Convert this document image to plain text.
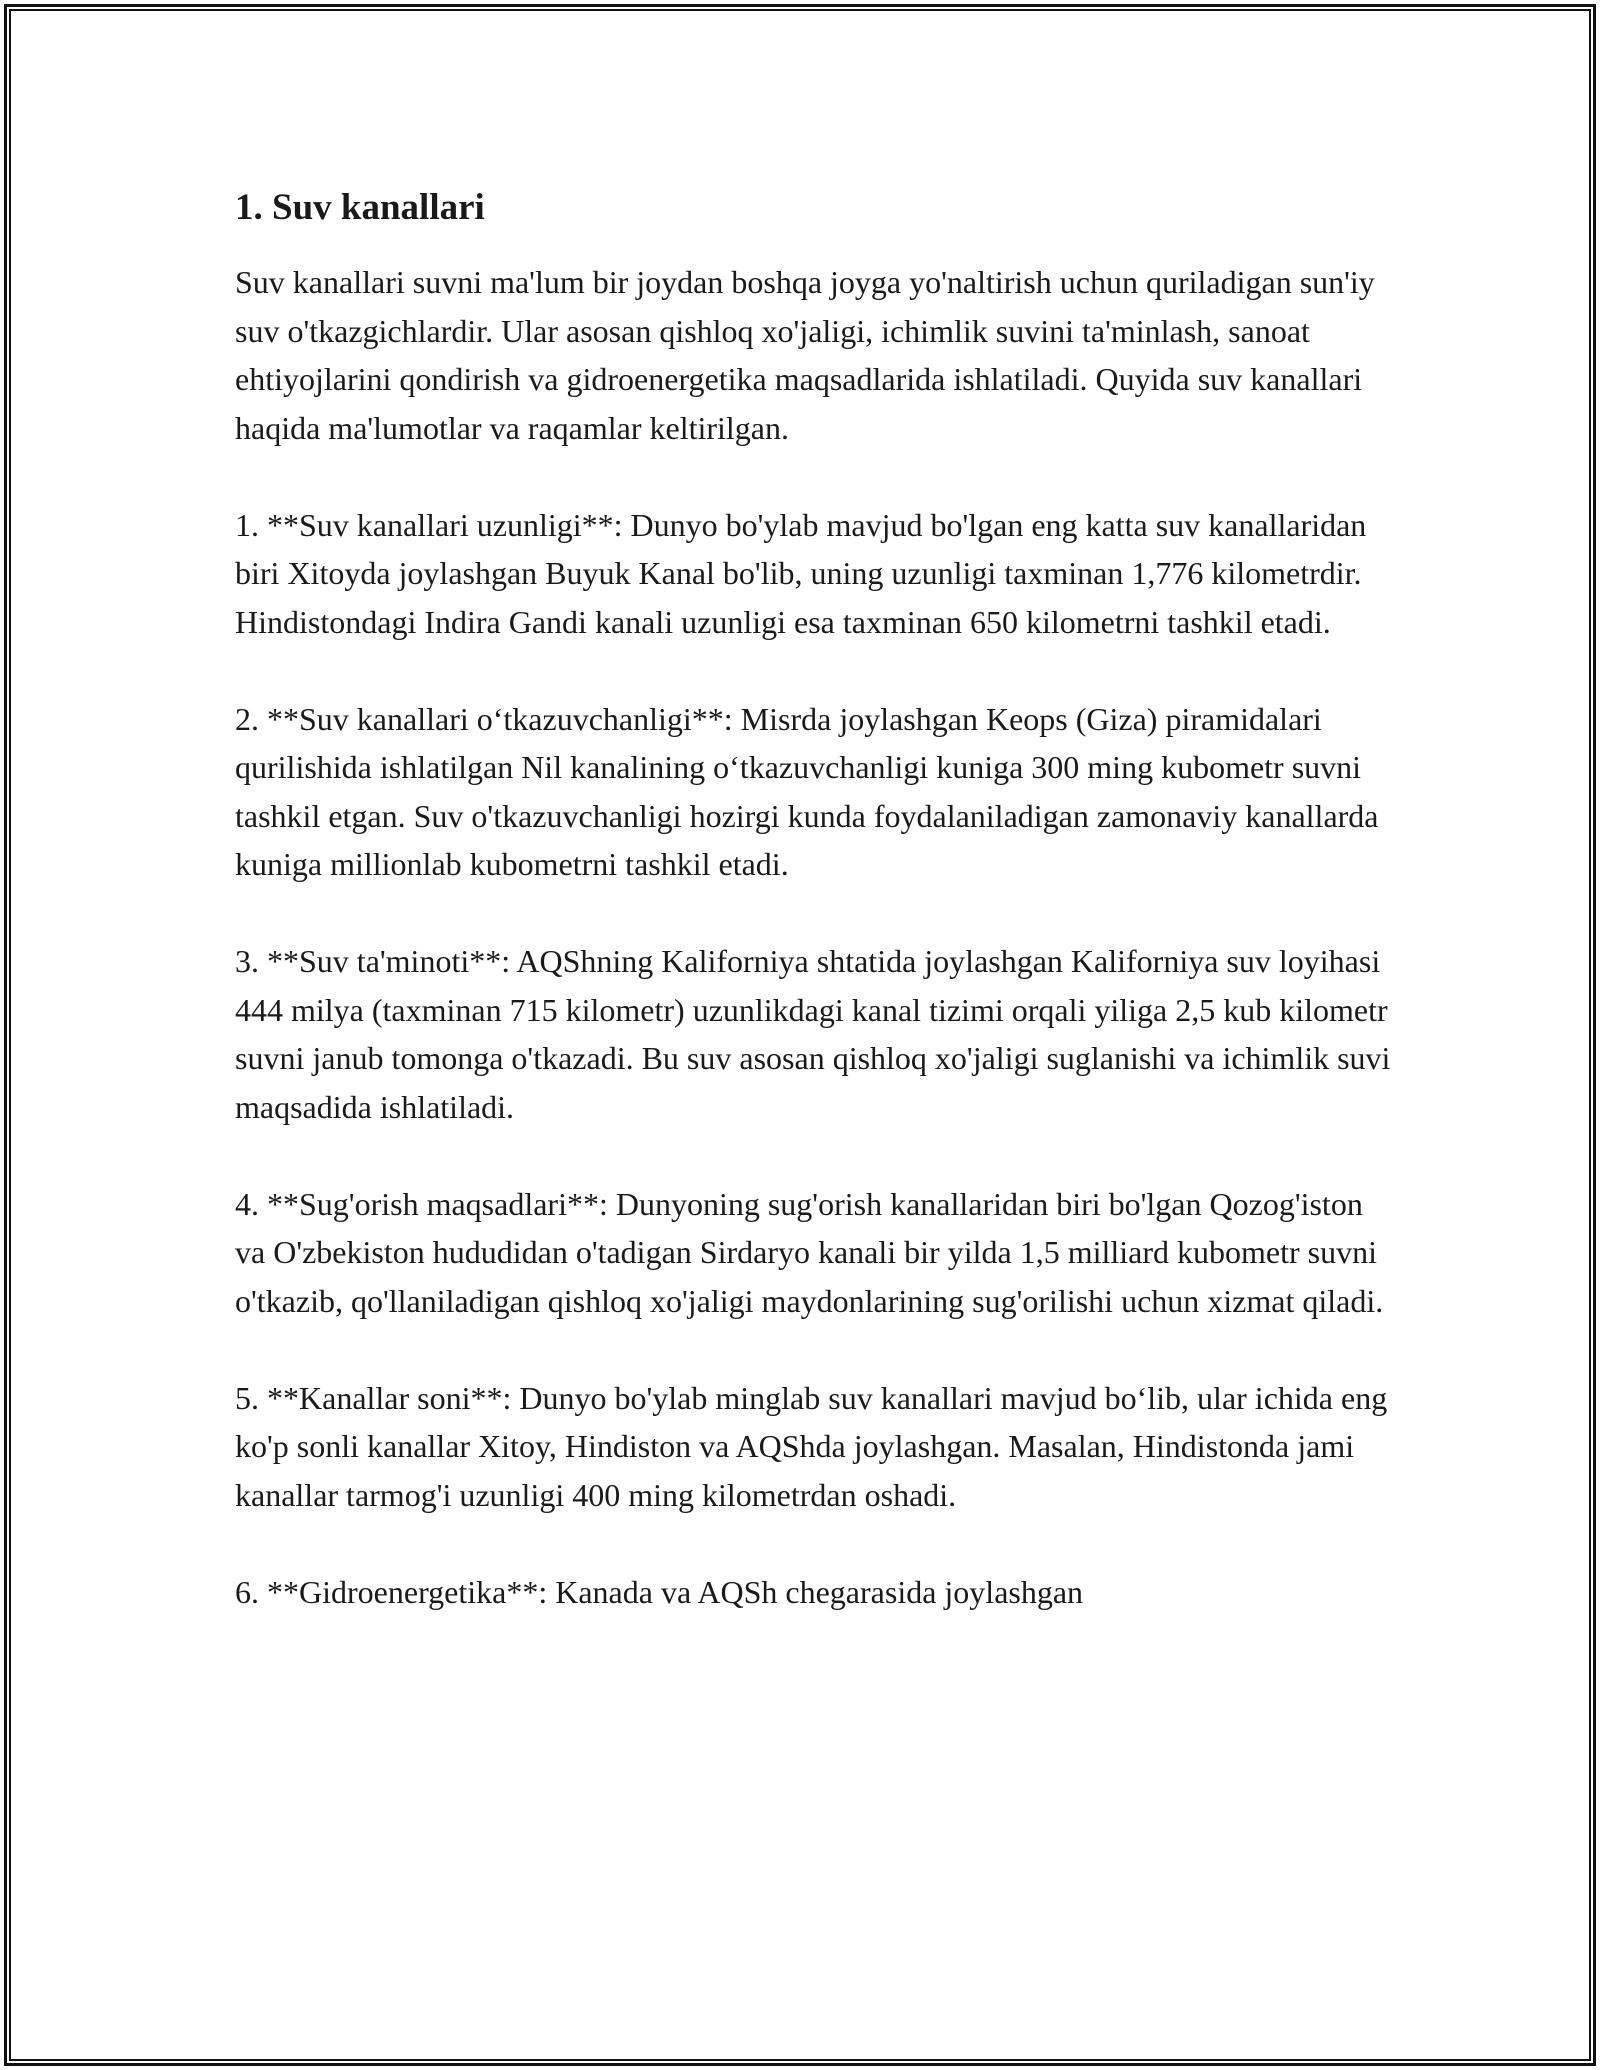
1. Suv kanallari

Suv kanallari suvni ma'lum bir joydan boshqa joyga yo'naltirish uchun quriladigan sun'iy suv o'tkazgichlardir. Ular asosan qishloq xo'jaligi, ichimlik suvini ta'minlash, sanoat ehtiyojlarini qondirish va gidroenergetika maqsadlarida ishlatiladi. Quyida suv kanallari haqida ma'lumotlar va raqamlar keltirilgan.

1. **Suv kanallari uzunligi**: Dunyo bo'ylab mavjud bo'lgan eng katta suv kanallaridan biri Xitoyda joylashgan Buyuk Kanal bo'lib, uning uzunligi taxminan 1,776 kilometrdir. Hindistondagi Indira Gandi kanali uzunligi esa taxminan 650 kilometrni tashkil etadi.

2. **Suv kanallari o‘tkazuvchanligi**: Misrda joylashgan Keops (Giza) piramidalari qurilishida ishlatilgan Nil kanalining o‘tkazuvchanligi kuniga 300 ming kubometr suvni tashkil etgan. Suv o'tkazuvchanligi hozirgi kunda foydalaniladigan zamonaviy kanallarda kuniga millionlab kubometrni tashkil etadi.

3. **Suv ta'minoti**: AQShning Kaliforniya shtatida joylashgan Kaliforniya suv loyihasi 444 milya (taxminan 715 kilometr) uzunlikdagi kanal tizimi orqali yiliga 2,5 kub kilometr suvni janub tomonga o'tkazadi. Bu suv asosan qishloq xo'jaligi suglanishi va ichimlik suvi maqsadida ishlatiladi.

4. **Sug'orish maqsadlari**: Dunyoning sug'orish kanallaridan biri bo'lgan Qozog'iston va O'zbekiston hududidan o'tadigan Sirdaryo kanali bir yilda 1,5 milliard kubometr suvni o'tkazib, qo'llaniladigan qishloq xo'jaligi maydonlarining sug'orilishi uchun xizmat qiladi.

5. **Kanallar soni**: Dunyo bo'ylab minglab suv kanallari mavjud bo‘lib, ular ichida eng ko'p sonli kanallar Xitoy, Hindiston va AQShda joylashgan. Masalan, Hindistonda jami kanallar tarmog'i uzunligi 400 ming kilometrdan oshadi.

6. **Gidroenergetika**: Kanada va AQSh chegarasida joylashgan
